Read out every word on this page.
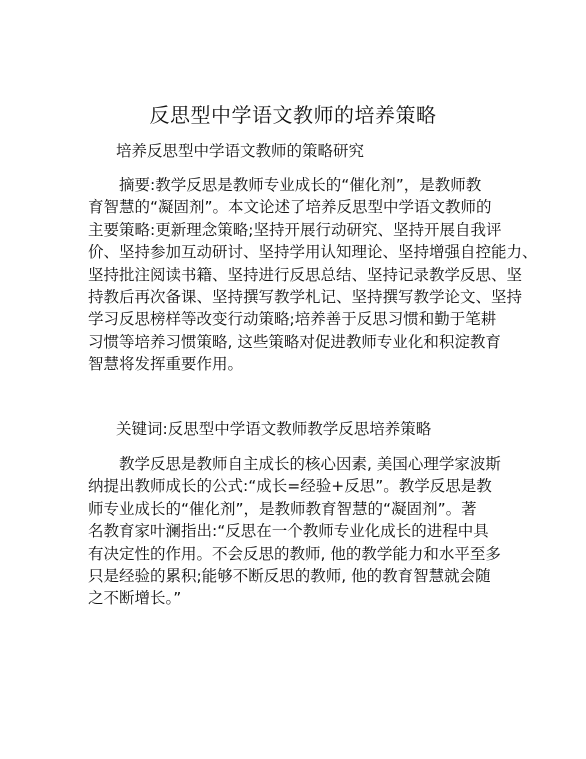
反思型中学语文教师的培养策略
培养反思型中学语文教师的策略研究
摘要:教学反思是教师专业成长的“催化剂”，是教师教
育智慧的“凝固剂”。本文论述了培养反思型中学语文教师的
主要策略:更新理念策略;坚持开展行动研究、坚持开展自我评
价、坚持参加互动研讨、坚持学用认知理论、坚持增强自控能力、
坚持批注阅读书籍、坚持进行反思总结、坚持记录教学反思、坚
持教后再次备课、坚持撰写教学札记、坚持撰写教学论文、坚持
学习反思榜样等改变行动策略;培养善于反思习惯和勤于笔耕
习惯等培养习惯策略, 这些策略对促进教师专业化和积淀教育
智慧将发挥重要作用。
关键词:反思型中学语文教师教学反思培养策略
教学反思是教师自主成长的核心因素, 美国心理学家波斯
纳提出教师成长的公式:“成长=经验+反思”。教学反思是教
师专业成长的“催化剂”，是教师教育智慧的“凝固剂”。著
名教育家叶澜指出:“反思在一个教师专业化成长的进程中具
有决定性的作用。不会反思的教师, 他的教学能力和水平至多
只是经验的累积;能够不断反思的教师, 他的教育智慧就会随
之不断增长。”
